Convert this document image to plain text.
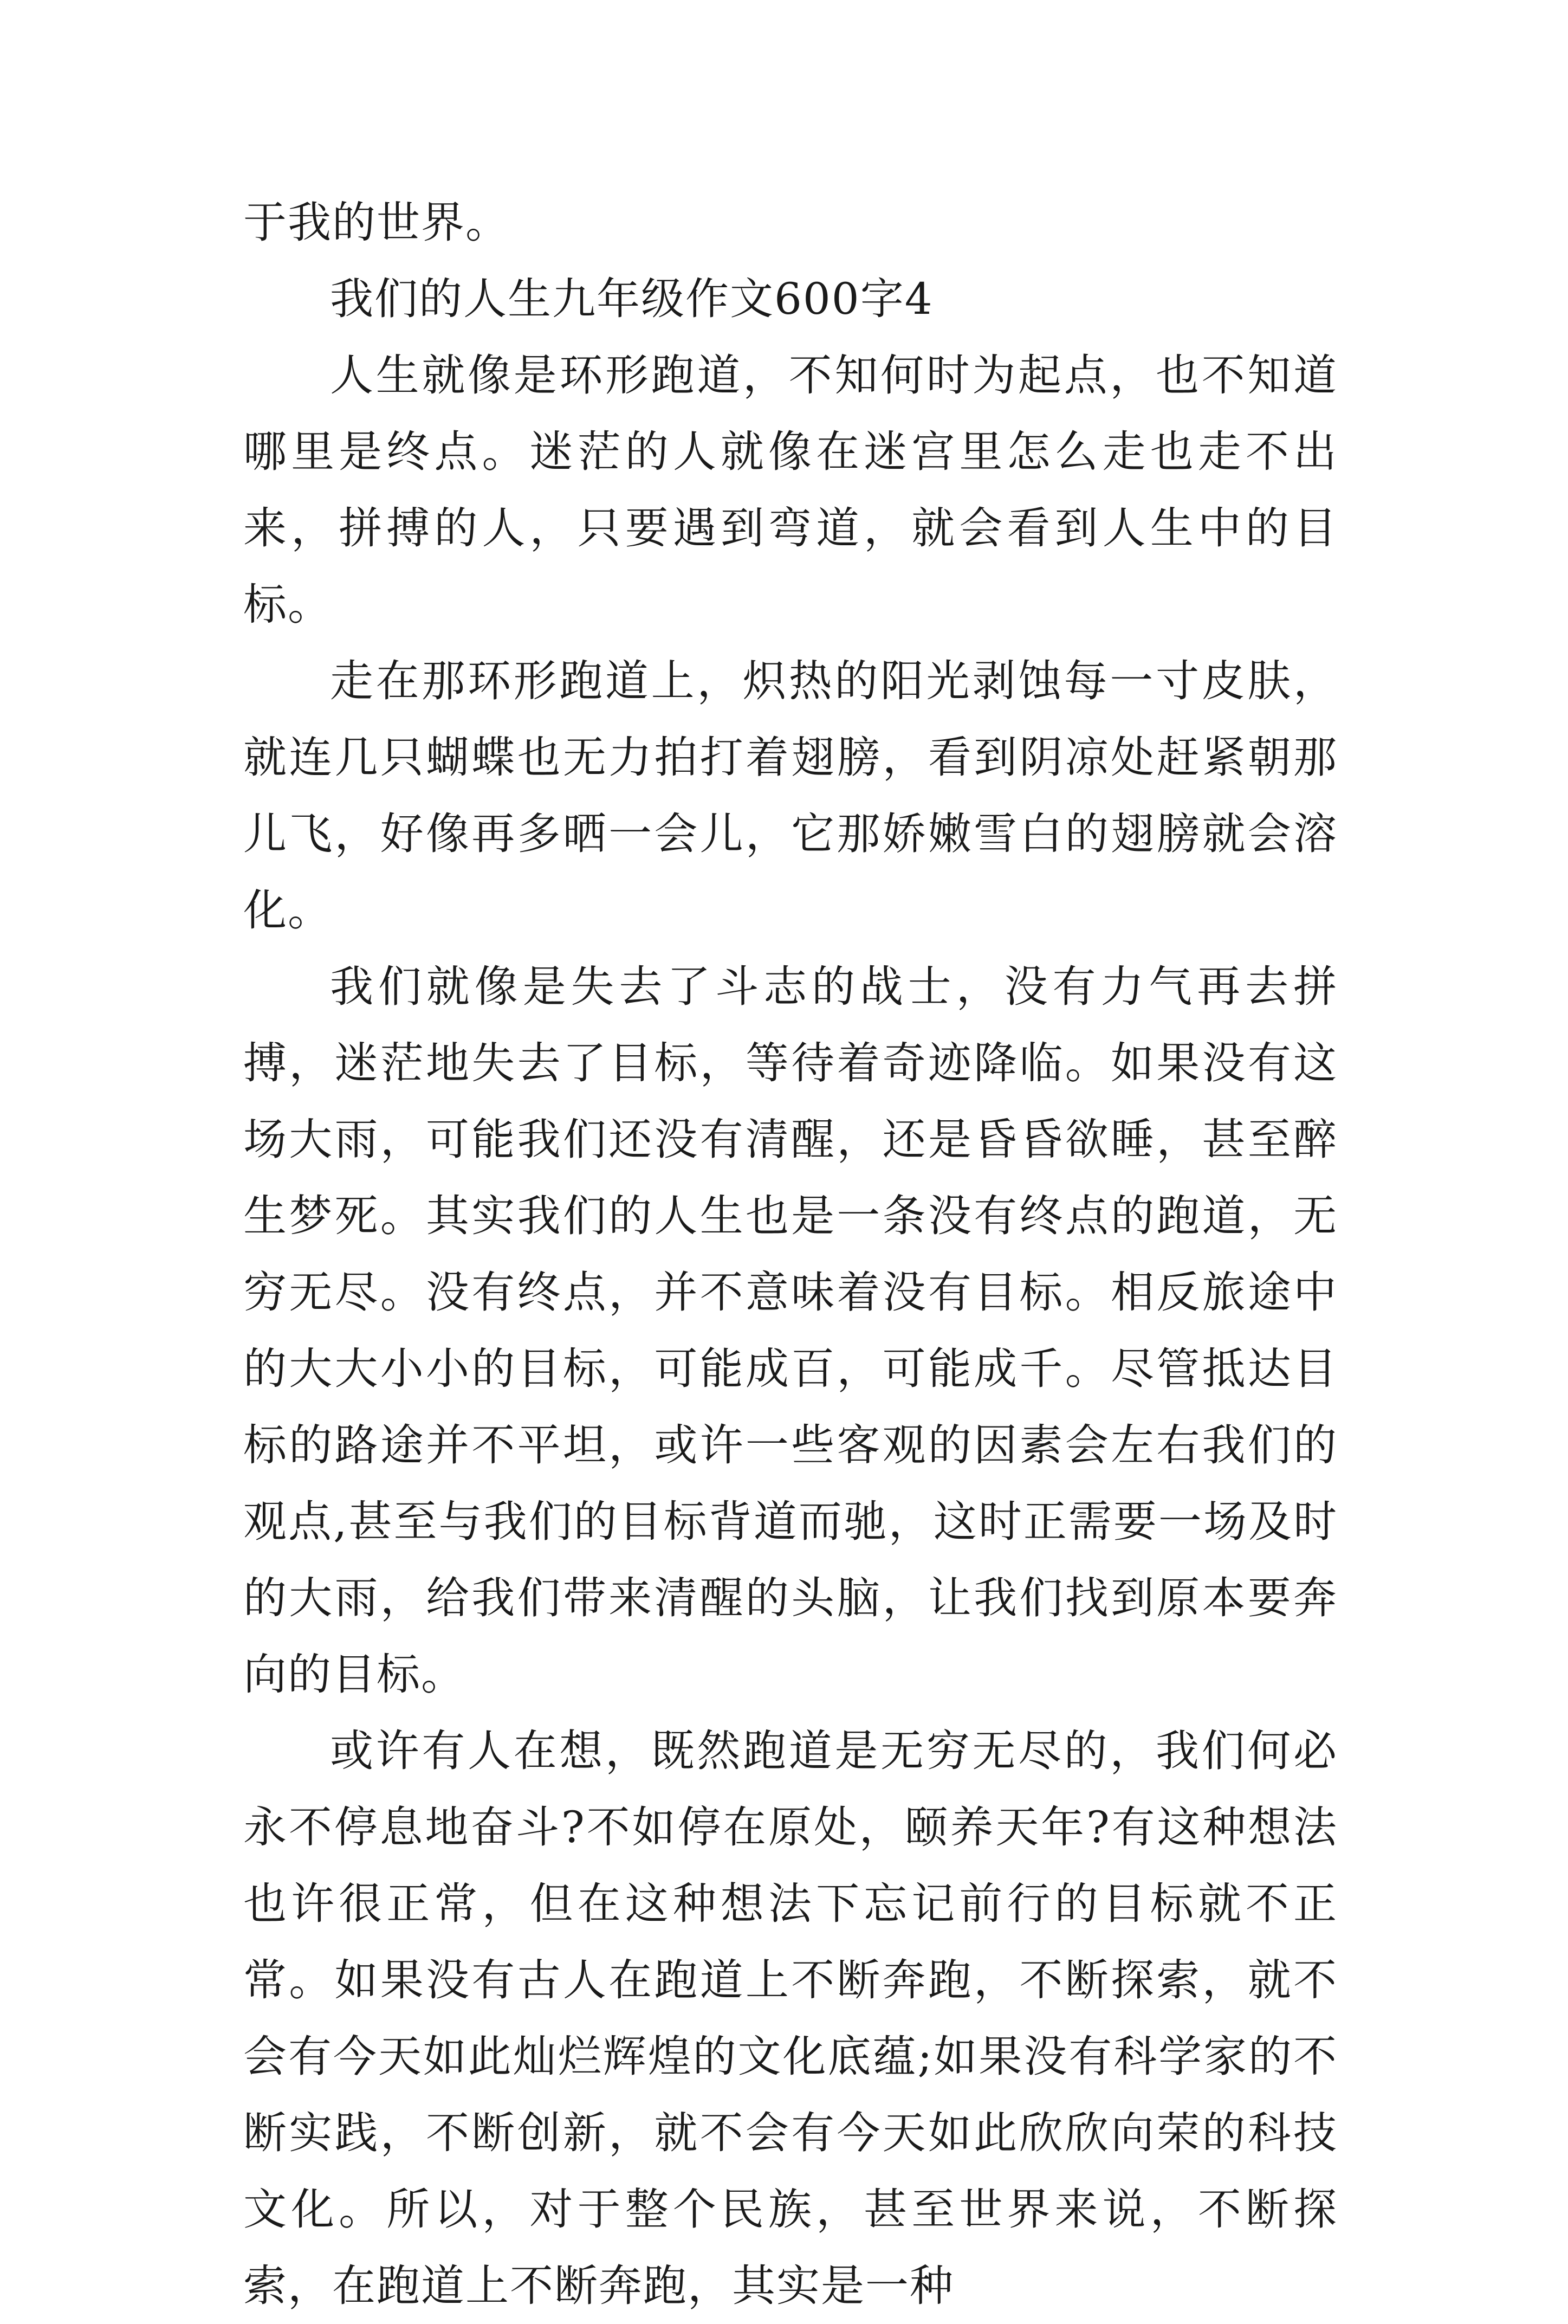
于我的世界。

我们的人生九年级作文600字4

人生就像是环形跑道，不知何时为起点，也不知道哪里是终点。迷茫的人就像在迷宫里怎么走也走不出来，拼搏的人，只要遇到弯道，就会看到人生中的目标。

走在那环形跑道上，炽热的阳光剥蚀每一寸皮肤，就连几只蝴蝶也无力拍打着翅膀，看到阴凉处赶紧朝那儿飞，好像再多晒一会儿，它那娇嫩雪白的翅膀就会溶化。

我们就像是失去了斗志的战士，没有力气再去拼搏，迷茫地失去了目标，等待着奇迹降临。如果没有这场大雨，可能我们还没有清醒，还是昏昏欲睡，甚至醉生梦死。其实我们的人生也是一条没有终点的跑道，无穷无尽。没有终点，并不意味着没有目标。相反旅途中的大大小小的目标，可能成百，可能成千。尽管抵达目标的路途并不平坦，或许一些客观的因素会左右我们的观点,甚至与我们的目标背道而驰，这时正需要一场及时的大雨，给我们带来清醒的头脑，让我们找到原本要奔向的目标。

或许有人在想，既然跑道是无穷无尽的，我们何必永不停息地奋斗?不如停在原处，颐养天年?有这种想法也许很正常，但在这种想法下忘记前行的目标就不正常。如果没有古人在跑道上不断奔跑，不断探索，就不会有今天如此灿烂辉煌的文化底蕴;如果没有科学家的不断实践，不断创新，就不会有今天如此欣欣向荣的科技文化。所以，对于整个民族，甚至世界来说，不断探索，在跑道上不断奔跑，其实是一种
